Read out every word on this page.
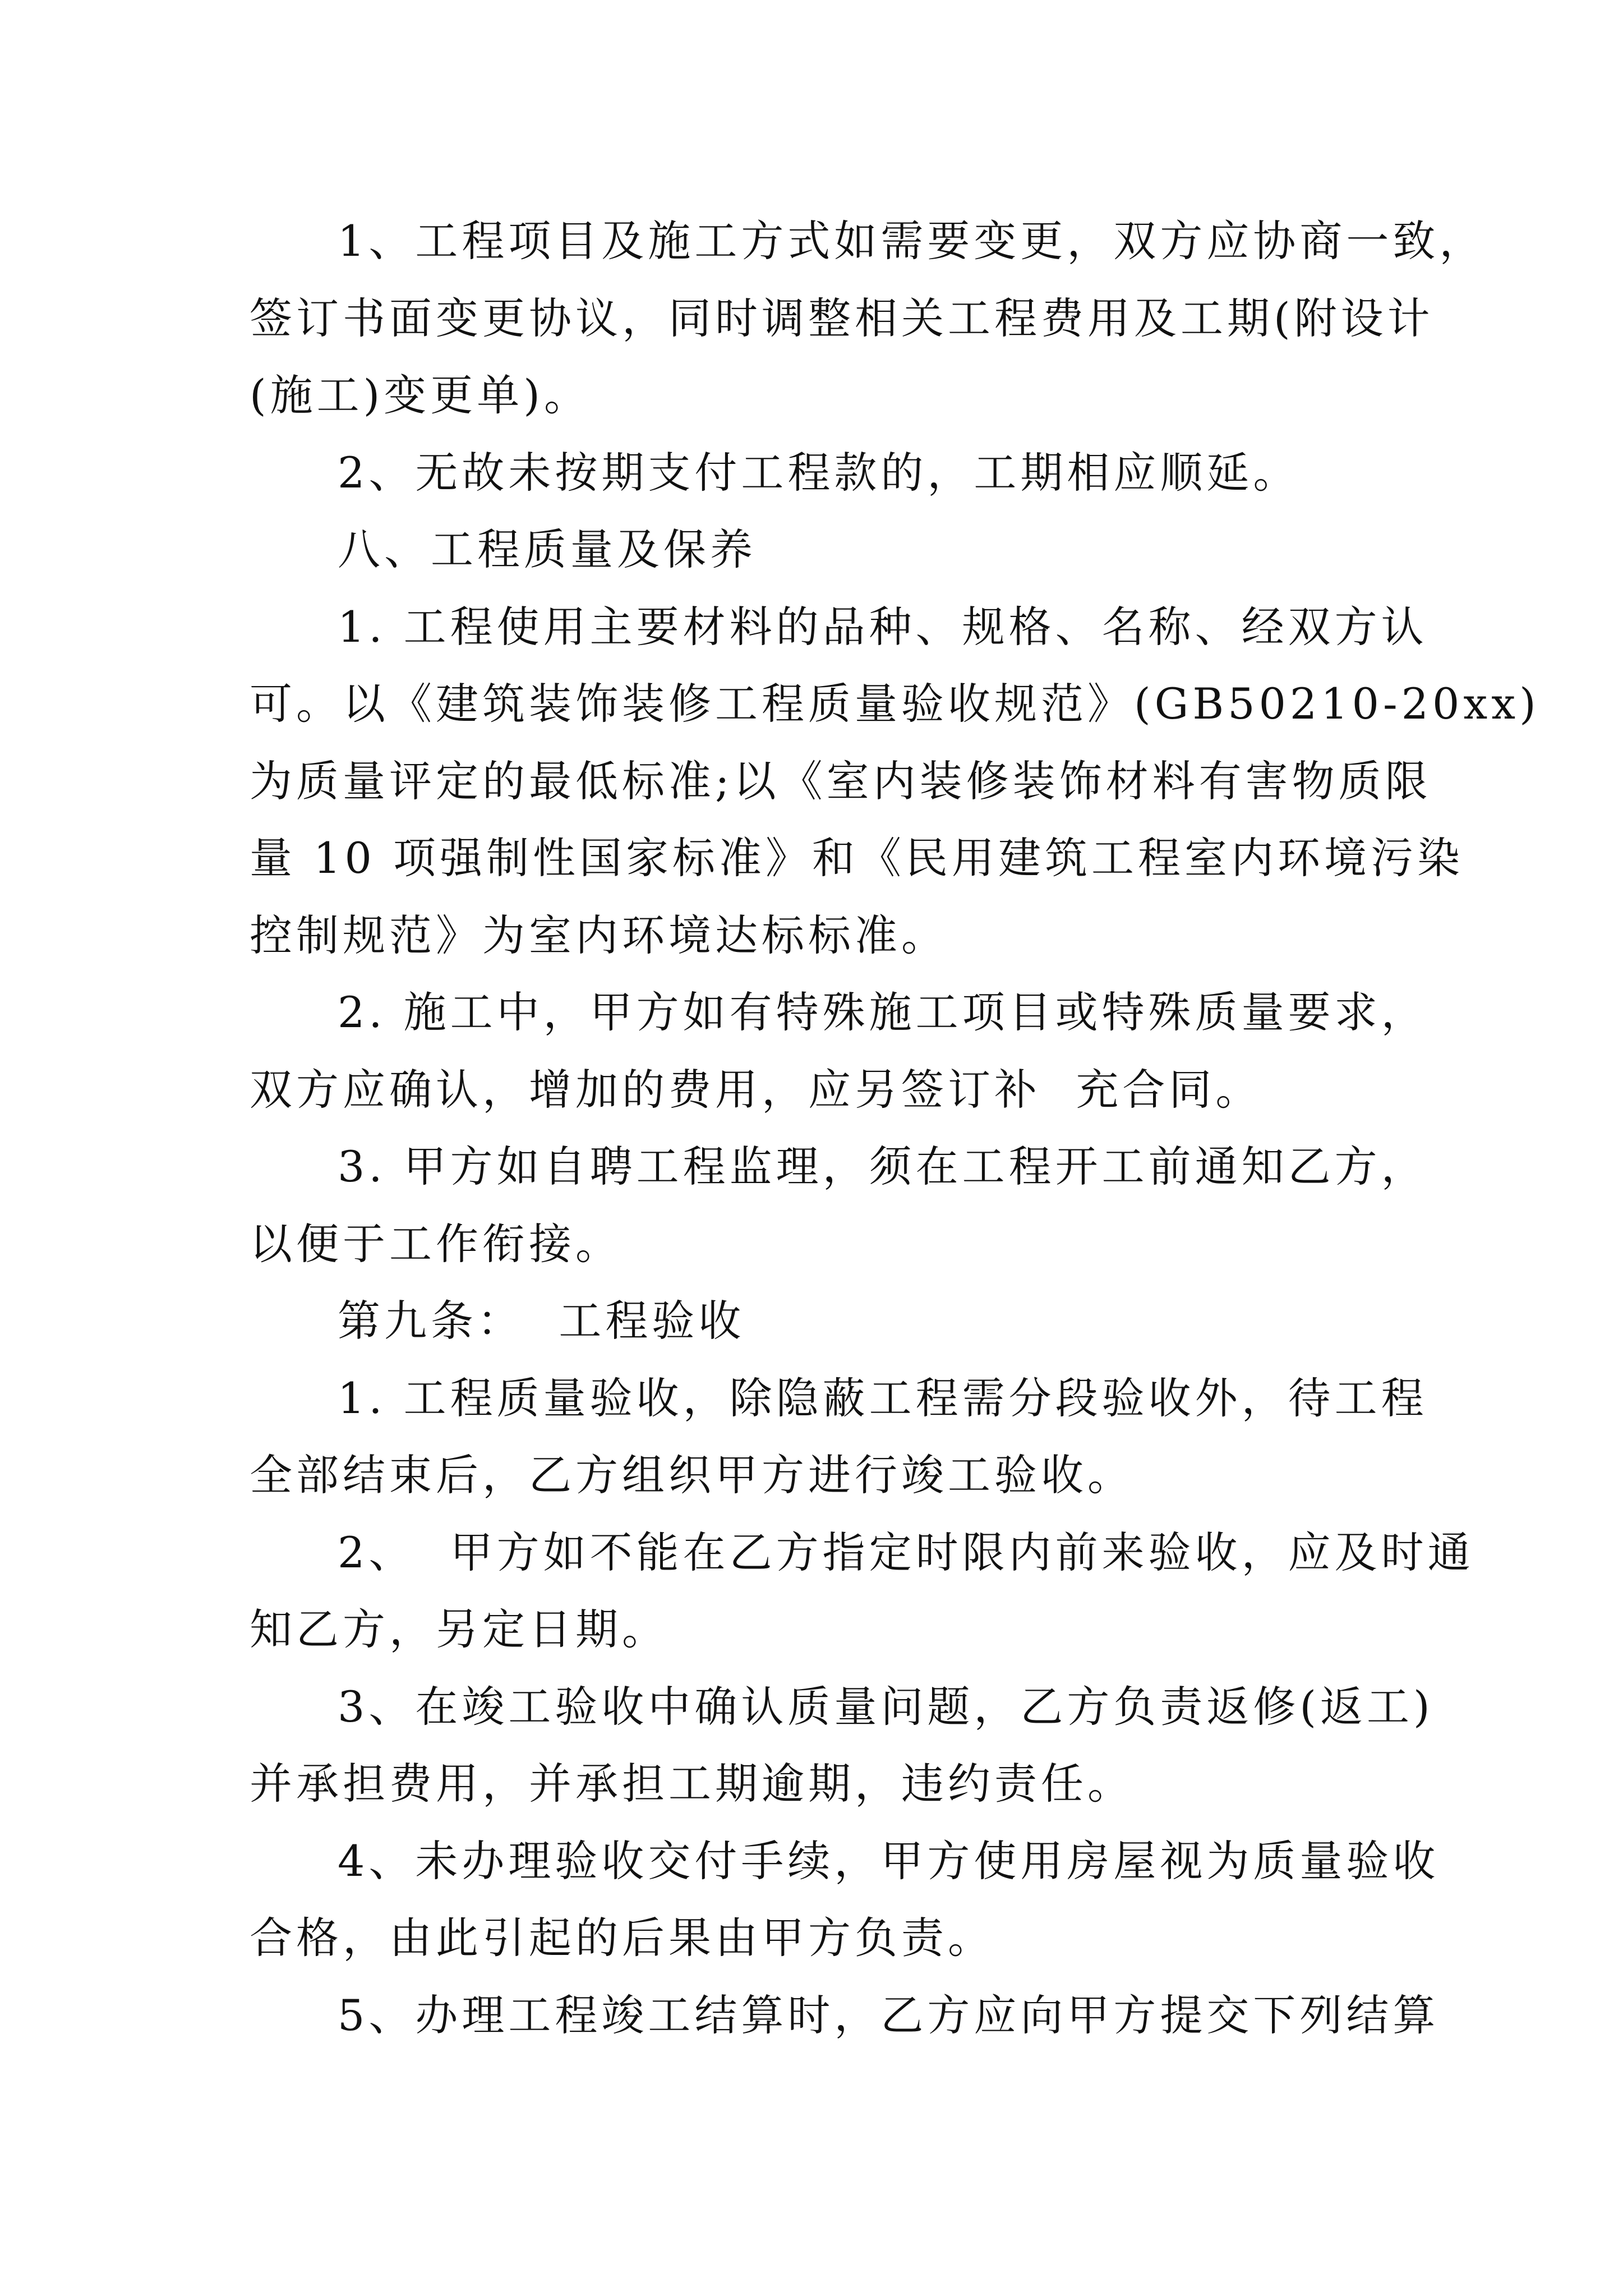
1、工程项目及施工方式如需要变更，双方应协商一致，

签订书面变更协议，同时调整相关工程费用及工期(附设计

(施工)变更单)。

2、无故未按期支付工程款的，工期相应顺延。

八、工程质量及保养

1. 工程使用主要材料的品种、规格、名称、经双方认

可。以《建筑装饰装修工程质量验收规范》(GB50210-20xx)

为质量评定的最低标准;以《室内装修装饰材料有害物质限

量 10 项强制性国家标准》和《民用建筑工程室内环境污染

控制规范》为室内环境达标标准。

2. 施工中，甲方如有特殊施工项目或特殊质量要求，

双方应确认，增加的费用，应另签订补  充合同。

3. 甲方如自聘工程监理，须在工程开工前通知乙方，

以便于工作衔接。

第九条：  工程验收

1. 工程质量验收，除隐蔽工程需分段验收外，待工程

全部结束后，乙方组织甲方进行竣工验收。

2、  甲方如不能在乙方指定时限内前来验收，应及时通

知乙方，另定日期。

3、在竣工验收中确认质量问题，乙方负责返修(返工)

并承担费用，并承担工期逾期，违约责任。

4、未办理验收交付手续，甲方使用房屋视为质量验收

合格，由此引起的后果由甲方负责。

5、办理工程竣工结算时，乙方应向甲方提交下列结算
